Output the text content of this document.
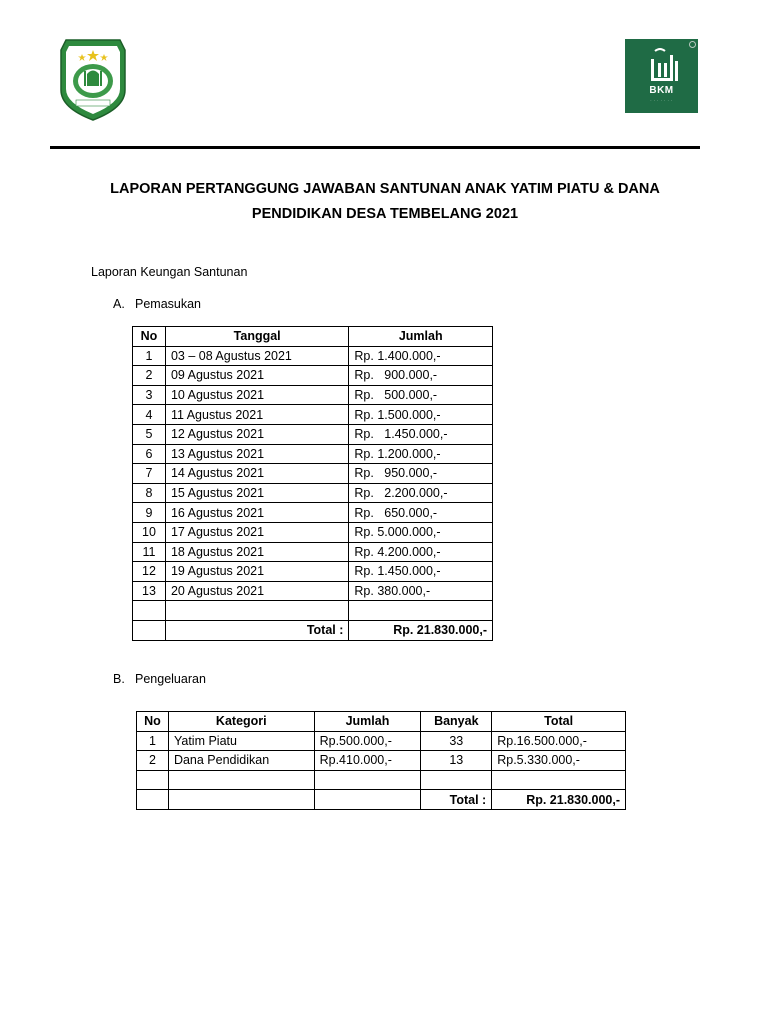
BKM
· · · · · · ·
LAPORAN PERTANGGUNG JAWABAN SANTUNAN ANAK YATIM PIATU & DANA
PENDIDIKAN DESA TEMBELANG 2021
Laporan Keungan Santunan
A. Pemasukan
No	Tanggal	Jumlah
1	03 – 08 Agustus 2021	Rp. 1.400.000,-
2	09 Agustus 2021	Rp.   900.000,-
3	10 Agustus 2021	Rp.   500.000,-
4	11 Agustus 2021	Rp. 1.500.000,-
5	12 Agustus 2021	Rp.   1.450.000,-
6	13 Agustus 2021	Rp. 1.200.000,-
7	14 Agustus 2021	Rp.   950.000,-
8	15 Agustus 2021	Rp.   2.200.000,-
9	16 Agustus 2021	Rp.   650.000,-
10	17 Agustus 2021	Rp. 5.000.000,-
11	18 Agustus 2021	Rp. 4.200.000,-
12	19 Agustus 2021	Rp. 1.450.000,-
13	20 Agustus 2021	Rp. 380.000,-

	Total :	Rp. 21.830.000,-
B. Pengeluaran
No	Kategori	Jumlah	Banyak	Total
1	Yatim Piatu	Rp.500.000,-	33	Rp.16.500.000,-
2	Dana Pendidikan	Rp.410.000,-	13	Rp.5.330.000,-

			Total :	Rp. 21.830.000,-
